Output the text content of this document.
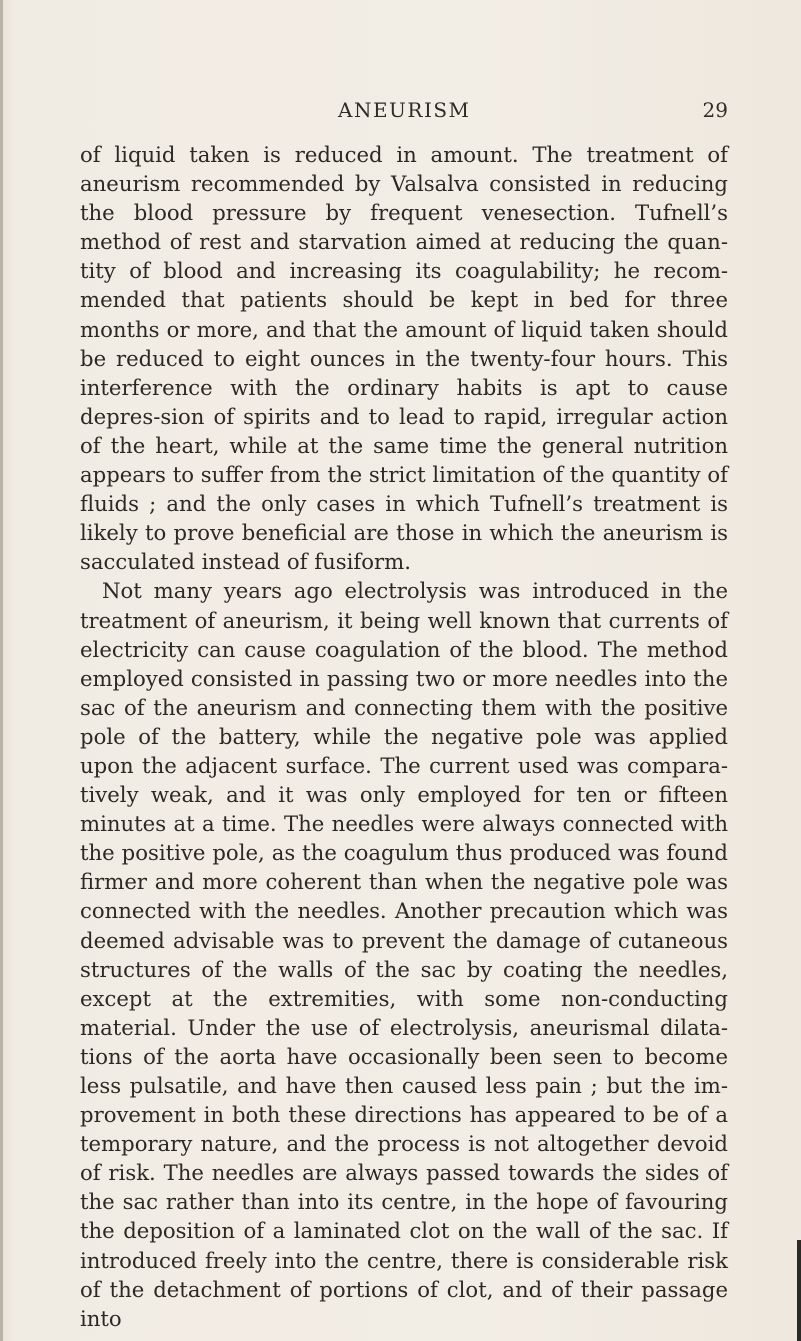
ANEURISM	29

of liquid taken is reduced in amount. The treatment of aneurism recommended by Valsalva consisted in reducing the blood pressure by frequent venesection. Tufnell’s method of rest and starvation aimed at reducing the quan-tity of blood and increasing its coagulability; he recom-mended that patients should be kept in bed for three months or more, and that the amount of liquid taken should be reduced to eight ounces in the twenty-four hours. This interference with the ordinary habits is apt to cause depres-sion of spirits and to lead to rapid, irregular action of the heart, while at the same time the general nutrition appears to suffer from the strict limitation of the quantity of fluids ; and the only cases in which Tufnell’s treatment is likely to prove beneficial are those in which the aneurism is sacculated instead of fusiform.

Not many years ago electrolysis was introduced in the treatment of aneurism, it being well known that currents of electricity can cause coagulation of the blood. The method employed consisted in passing two or more needles into the sac of the aneurism and connecting them with the positive pole of the battery, while the negative pole was applied upon the adjacent surface. The current used was compara-tively weak, and it was only employed for ten or fifteen minutes at a time. The needles were always connected with the positive pole, as the coagulum thus produced was found firmer and more coherent than when the negative pole was connected with the needles. Another precaution which was deemed advisable was to prevent the damage of cutaneous structures of the walls of the sac by coating the needles, except at the extremities, with some non-conducting material. Under the use of electrolysis, aneurismal dilata-tions of the aorta have occasionally been seen to become less pulsatile, and have then caused less pain ; but the im-provement in both these directions has appeared to be of a temporary nature, and the process is not altogether devoid of risk. The needles are always passed towards the sides of the sac rather than into its centre, in the hope of favouring the deposition of a laminated clot on the wall of the sac. If introduced freely into the centre, there is considerable risk of the detachment of portions of clot, and of their passage into
